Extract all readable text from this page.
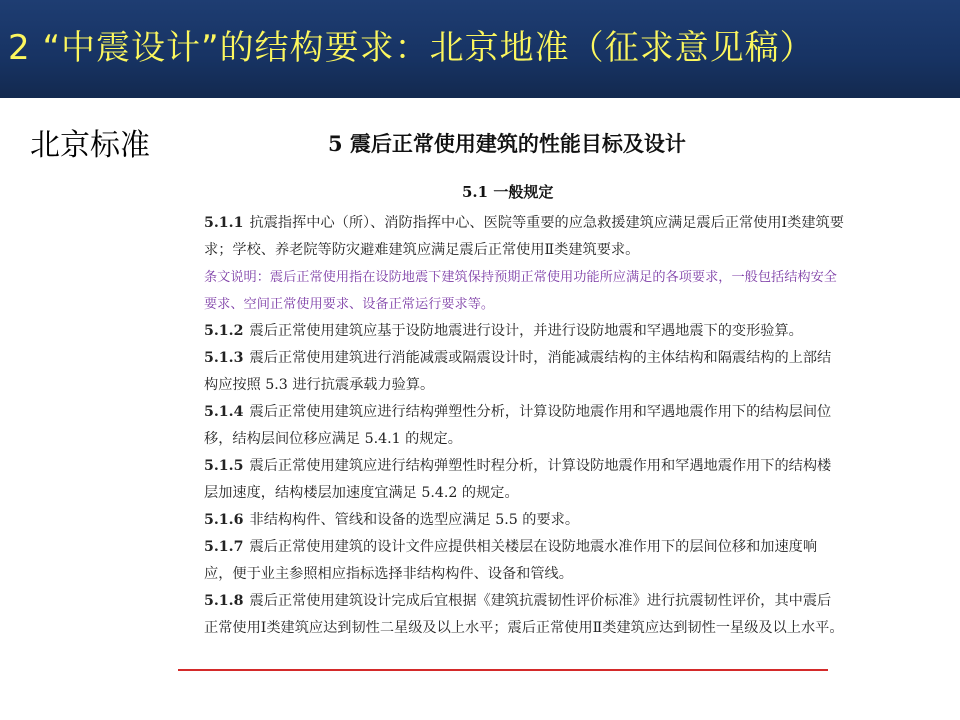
2 “中震设计”的结构要求：北京地准（征求意见稿）
北京标准	5 震后正常使用建筑的性能目标及设计
5.1 一般规定

5.1.1 抗震指挥中心（所）、消防指挥中心、医院等重要的应急救援建筑应满足震后正常使用Ⅰ类建筑要求；学校、养老院等防灾避难建筑应满足震后正常使用Ⅱ类建筑要求。

条文说明：震后正常使用指在设防地震下建筑保持预期正常使用功能所应满足的各项要求，一般包括结构安全要求、空间正常使用要求、设备正常运行要求等。

5.1.2 震后正常使用建筑应基于设防地震进行设计，并进行设防地震和罕遇地震下的变形验算。

5.1.3 震后正常使用建筑进行消能减震或隔震设计时，消能减震结构的主体结构和隔震结构的上部结构应按照 5.3 进行抗震承载力验算。

5.1.4 震后正常使用建筑应进行结构弹塑性分析，计算设防地震作用和罕遇地震作用下的结构层间位移，结构层间位移应满足 5.4.1 的规定。

5.1.5 震后正常使用建筑应进行结构弹塑性时程分析，计算设防地震作用和罕遇地震作用下的结构楼层加速度，结构楼层加速度宜满足 5.4.2 的规定。

5.1.6 非结构构件、管线和设备的选型应满足 5.5 的要求。

5.1.7 震后正常使用建筑的设计文件应提供相关楼层在设防地震水准作用下的层间位移和加速度响应，便于业主参照相应指标选择非结构构件、设备和管线。

5.1.8 震后正常使用建筑设计完成后宜根据《建筑抗震韧性评价标准》进行抗震韧性评价，其中震后正常使用Ⅰ类建筑应达到韧性二星级及以上水平；震后正常使用Ⅱ类建筑应达到韧性一星级及以上水平。
